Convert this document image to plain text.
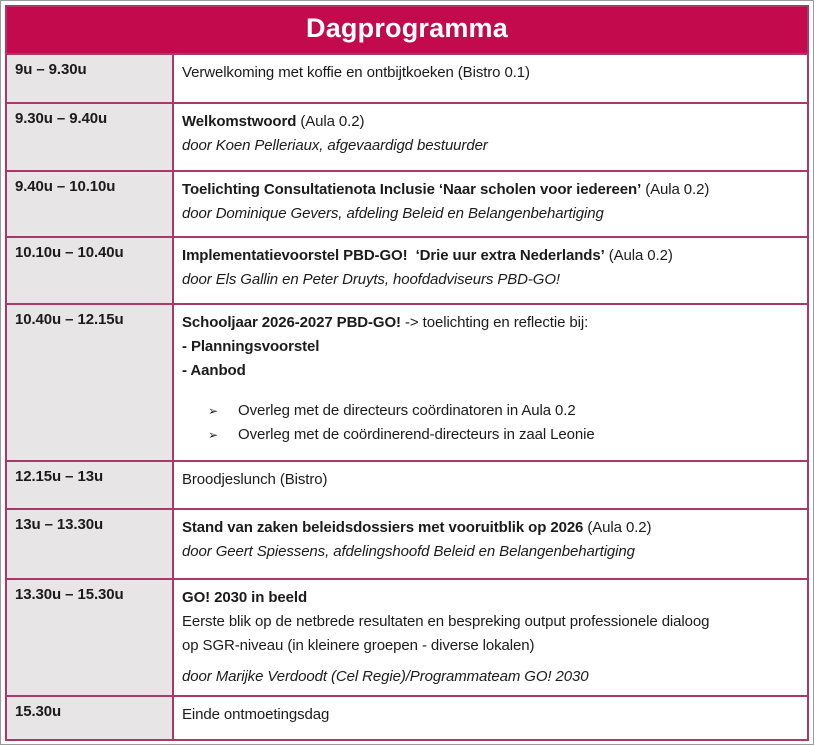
Dagprogramma	
9u – 9.30u	Verwelkoming met koffie en ontbijtkoeken (Bistro 0.1)

9.30u – 9.40u	Welkomstwoord (Aula 0.2)
door Koen Pelleriaux, afgevaardigd bestuurder

9.40u – 10.10u	Toelichting Consultatienota Inclusie ‘Naar scholen voor iedereen’ (Aula 0.2)
door Dominique Gevers, afdeling Beleid en Belangenbehartiging

10.10u – 10.40u	Implementatievoorstel PBD-GO!  ‘Drie uur extra Nederlands’ (Aula 0.2)
door Els Gallin en Peter Druyts, hoofdadviseurs PBD-GO!

10.40u – 12.15u	Schooljaar 2026-2027 PBD-GO! -> toelichting en reflectie bij:
- Planningsvoorstel
- Aanbod
➢	Overleg met de directeurs coördinatoren in Aula 0.2
➢	Overleg met de coördinerend-directeurs in zaal Leonie

12.15u – 13u	Broodjeslunch (Bistro)

13u – 13.30u	Stand van zaken beleidsdossiers met vooruitblik op 2026 (Aula 0.2)
door Geert Spiessens, afdelingshoofd Beleid en Belangenbehartiging

13.30u – 15.30u	GO! 2030 in beeld
Eerste blik op de netbrede resultaten en bespreking output professionele dialoog
op SGR-niveau (in kleinere groepen - diverse lokalen)
door Marijke Verdoodt (Cel Regie)/Programmateam GO! 2030

15.30u	Einde ontmoetingsdag
